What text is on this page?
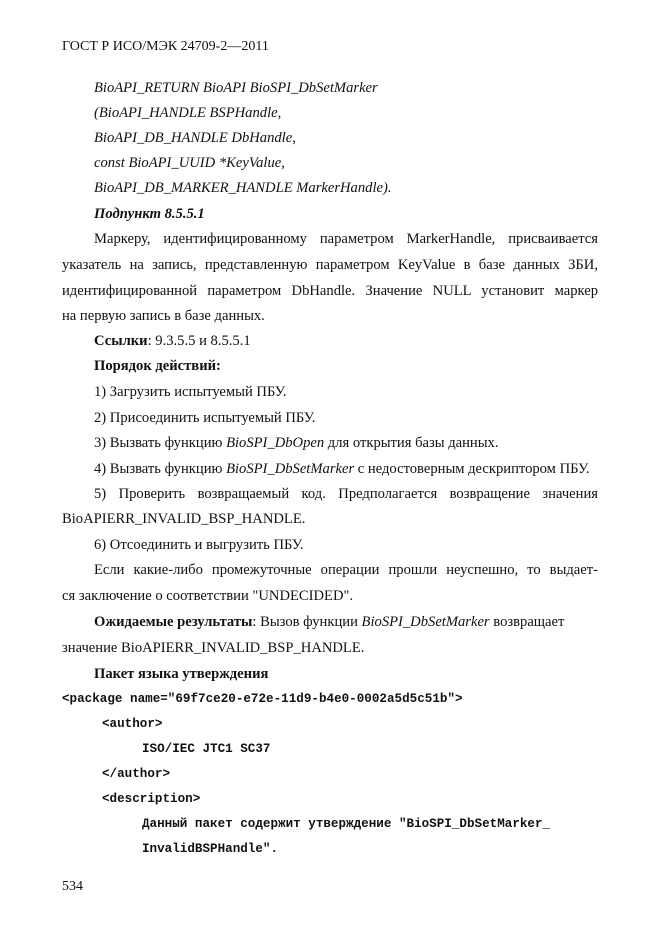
ГОСТ Р ИСО/МЭК 24709-2—2011
BioAPI_RETURN BioAPI BioSPI_DbSetMarker
(BioAPI_HANDLE BSPHandle,
BioAPI_DB_HANDLE DbHandle,
const BioAPI_UUID *KeyValue,
BioAPI_DB_MARKER_HANDLE MarkerHandle).
Подпункт 8.5.5.1
Маркеру, идентифицированному параметром MarkerHandle, присваивается
указатель на запись, представленную параметром KeyValue в базе данных ЗБИ,
идентифицированной параметром DbHandle. Значение NULL установит маркер
на первую запись в базе данных.
Ссылки: 9.3.5.5 и 8.5.5.1
Порядок действий:
1) Загрузить испытуемый ПБУ.
2) Присоединить испытуемый ПБУ.
3) Вызвать функцию BioSPI_DbOpen для открытия базы данных.
4) Вызвать функцию BioSPI_DbSetMarker с недостоверным дескриптором ПБУ.
5) Проверить возвращаемый код. Предполагается возвращение значения
BioAPIERR_INVALID_BSP_HANDLE.
6) Отсоединить и выгрузить ПБУ.
Если какие-либо промежуточные операции прошли неуспешно, то выдает-
ся заключение о соответствии "UNDECIDED".
Ожидаемые результаты: Вызов функции BioSPI_DbSetMarker возвращает
значение BioAPIERR_INVALID_BSP_HANDLE.
Пакет языка утверждения
<package name="69f7ce20-e72e-11d9-b4e0-0002a5d5c51b">
<author>
ISO/IEC JTC1 SC37
</author>
<description>
Данный пакет содержит утверждение "BioSPI_DbSetMarker_
InvalidBSPHandle".
534
